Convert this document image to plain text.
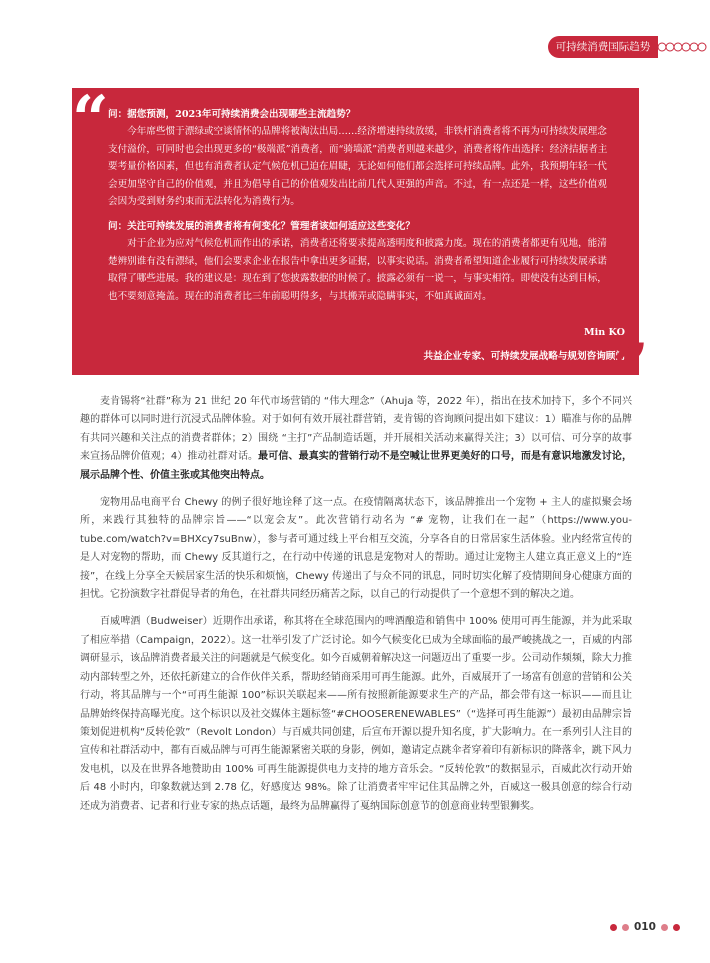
可持续消费国际趋势
“ 问：据您预测，2023年可持续消费会出现哪些主流趋势？

今年席些惯于漂绿或空谈情怀的品牌将被淘汰出局……经济增速持续放缓，非铁杆消费者将不再为可持续发展理念支付溢价，可同时也会出现更多的“极端派”消费者，而“骑墙派”消费者则越来越少，消费者将作出选择：经济拮据者主要考量价格因素，但也有消费者认定气候危机已迫在眉睫，无论如何他们都会选择可持续品牌。此外，我预期年轻一代会更加坚守自己的价值观，并且为倡导自己的价值观发出比前几代人更强的声音。不过，有一点还是一样，这些价值观会因为受到财务约束而无法转化为消费行为。

问：关注可持续发展的消费者将有何变化？管理者该如何适应这些变化？

对于企业为应对气候危机而作出的承诺，消费者还将要求提高透明度和披露力度。现在的消费者都更有见地，能清楚辨别谁有没有漂绿，他们会要求企业在报告中拿出更多证据，以事实说话。消费者希望知道企业履行可持续发展承诺取得了哪些进展。我的建议是：现在到了您披露数据的时候了。披露必须有一说一，与事实相符。即使没有达到目标，也不要刻意掩盖。现在的消费者比三年前聪明得多，与其搬弄或隐瞒事实，不如真诚面对。

Min KO
共益企业专家、可持续发展战略与规划咨询顾问
”

麦肯锡将“社群”称为 21 世纪 20 年代市场营销的 “伟大理念”（Ahuja 等，2022 年），指出在技术加持下，多个不同兴趣的群体可以同时进行沉浸式品牌体验。对于如何有效开展社群营销，麦肯锡的咨询顾问提出如下建议：1）瞄准与你的品牌有共同兴趣和关注点的消费者群体；2）围绕 “主打”产品制造话题，并开展相关活动来赢得关注；3）以可信、可分享的故事来宣扬品牌价值观；4）推动社群对话。最可信、最真实的营销行动不是空喊让世界更美好的口号，而是有意识地激发讨论，展示品牌个性、价值主张或其他突出特点。

宠物用品电商平台 Chewy 的例子很好地诠释了这一点。在疫情隔离状态下，该品牌推出一个宠物 + 主人的虚拟聚会场所，来践行其独特的品牌宗旨——“以宠会友”。此次营销行动名为 “# 宠物，让我们在一起”（https://www.you-tube.com/watch?v=BHXcy7suBnw），参与者可通过线上平台相互交流，分享各自的日常居家生活体验。业内经常宣传的是人对宠物的帮助，而 Chewy 反其道行之，在行动中传递的讯息是宠物对人的帮助。通过让宠物主人建立真正意义上的“连接”，在线上分享全天候居家生活的快乐和烦恼，Chewy 传递出了与众不同的讯息，同时切实化解了疫情期间身心健康方面的担忧。它扮演数字社群促导者的角色，在社群共同经历痛苦之际，以自己的行动提供了一个意想不到的解决之道。

百威啤酒（Budweiser）近期作出承诺，称其将在全球范围内的啤酒酿造和销售中 100% 使用可再生能源，并为此采取了相应举措（Campaign，2022）。这一壮举引发了广泛讨论。如今气候变化已成为全球面临的最严峻挑战之一，百威的内部调研显示，该品牌消费者最关注的问题就是气候变化。如今百威朝着解决这一问题迈出了重要一步。公司动作频频，除大力推动内部转型之外，还依托新建立的合作伙伴关系，帮助经销商采用可再生能源。此外，百威展开了一场富有创意的营销和公关行动，将其品牌与一个“可再生能源 100”标识关联起来——所有按照新能源要求生产的产品，都会带有这一标识——而且让品牌始终保持高曝光度。这个标识以及社交媒体主题标签“#CHOOSERENEWABLES”（“选择可再生能源”）最初由品牌宗旨策划促进机构“反转伦敦”（Revolt London）与百威共同创建，后宣布开源以提升知名度，扩大影响力。在一系列引人注目的宣传和社群活动中，都有百威品牌与可再生能源紧密关联的身影，例如，邀请定点跳伞者穿着印有新标识的降落伞，跳下风力发电机，以及在世界各地赞助由 100% 可再生能源提供电力支持的地方音乐会。“反转伦敦”的数据显示，百威此次行动开始后 48 小时内，印象数就达到 2.78 亿，好感度达 98%。除了让消费者牢牢记住其品牌之外，百威这一极具创意的综合行动还成为消费者、记者和行业专家的热点话题，最终为品牌赢得了戛纳国际创意节的创意商业转型银狮奖。

010
